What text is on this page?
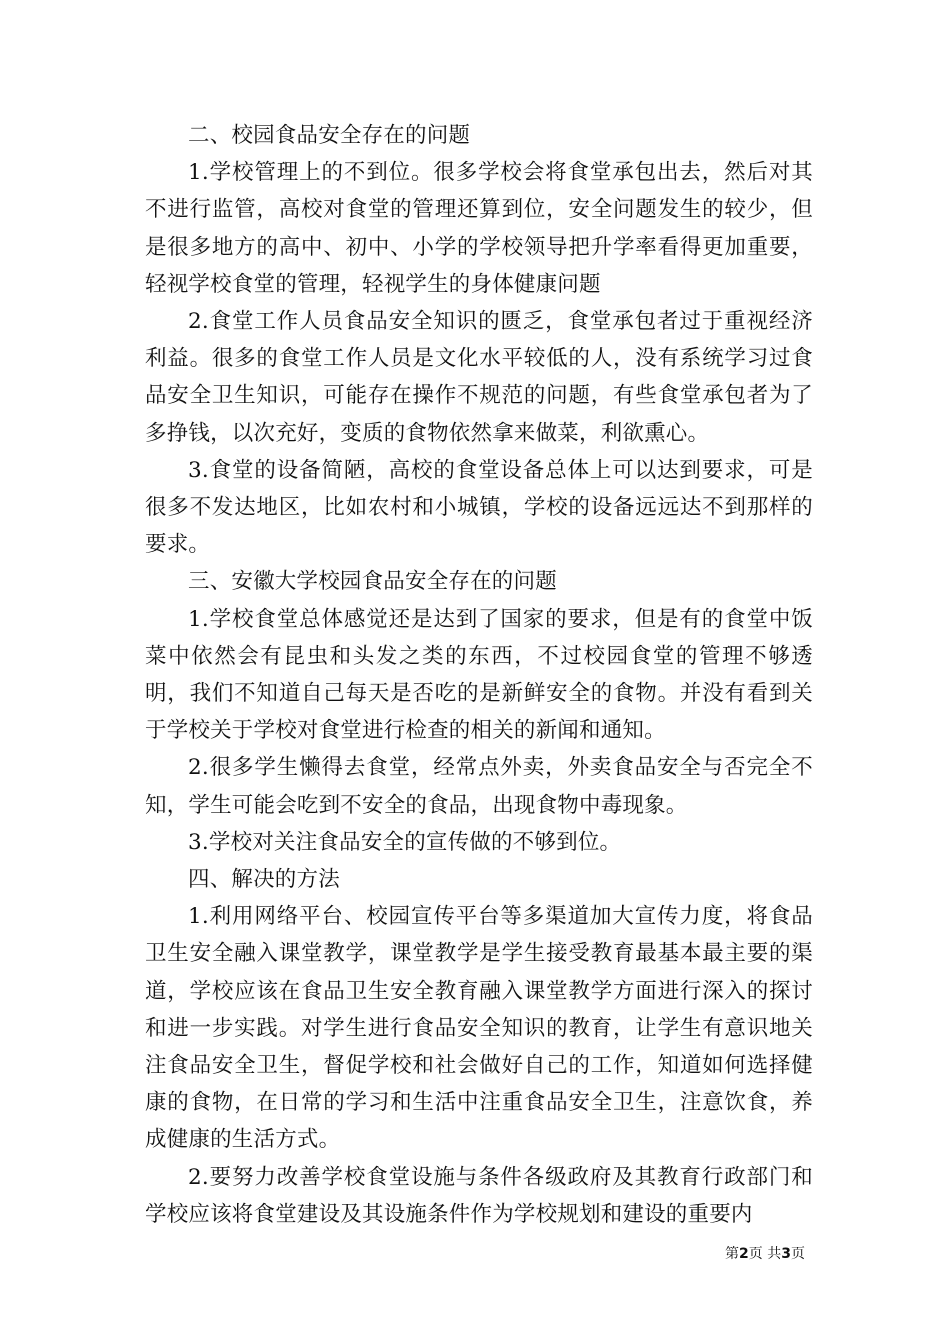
二、校园食品安全存在的问题

1.学校管理上的不到位。很多学校会将食堂承包出去，然后对其不进行监管，高校对食堂的管理还算到位，安全问题发生的较少，但是很多地方的高中、初中、小学的学校领导把升学率看得更加重要，轻视学校食堂的管理，轻视学生的身体健康问题

2.食堂工作人员食品安全知识的匮乏，食堂承包者过于重视经济利益。很多的食堂工作人员是文化水平较低的人，没有系统学习过食品安全卫生知识，可能存在操作不规范的问题，有些食堂承包者为了多挣钱，以次充好，变质的食物依然拿来做菜，利欲熏心。

3.食堂的设备简陋，高校的食堂设备总体上可以达到要求，可是很多不发达地区，比如农村和小城镇，学校的设备远远达不到那样的要求。

三、安徽大学校园食品安全存在的问题

1.学校食堂总体感觉还是达到了国家的要求，但是有的食堂中饭菜中依然会有昆虫和头发之类的东西，不过校园食堂的管理不够透明，我们不知道自己每天是否吃的是新鲜安全的食物。并没有看到关于学校关于学校对食堂进行检查的相关的新闻和通知。

2.很多学生懒得去食堂，经常点外卖，外卖食品安全与否完全不知，学生可能会吃到不安全的食品，出现食物中毒现象。

3.学校对关注食品安全的宣传做的不够到位。

四、解决的方法

1.利用网络平台、校园宣传平台等多渠道加大宣传力度，将食品卫生安全融入课堂教学，课堂教学是学生接受教育最基本最主要的渠道，学校应该在食品卫生安全教育融入课堂教学方面进行深入的探讨和进一步实践。对学生进行食品安全知识的教育，让学生有意识地关注食品安全卫生，督促学校和社会做好自己的工作，知道如何选择健康的食物，在日常的学习和生活中注重食品安全卫生，注意饮食，养成健康的生活方式。

2.要努力改善学校食堂设施与条件各级政府及其教育行政部门和学校应该将食堂建设及其设施条件作为学校规划和建设的重要内

第2页 共3页
